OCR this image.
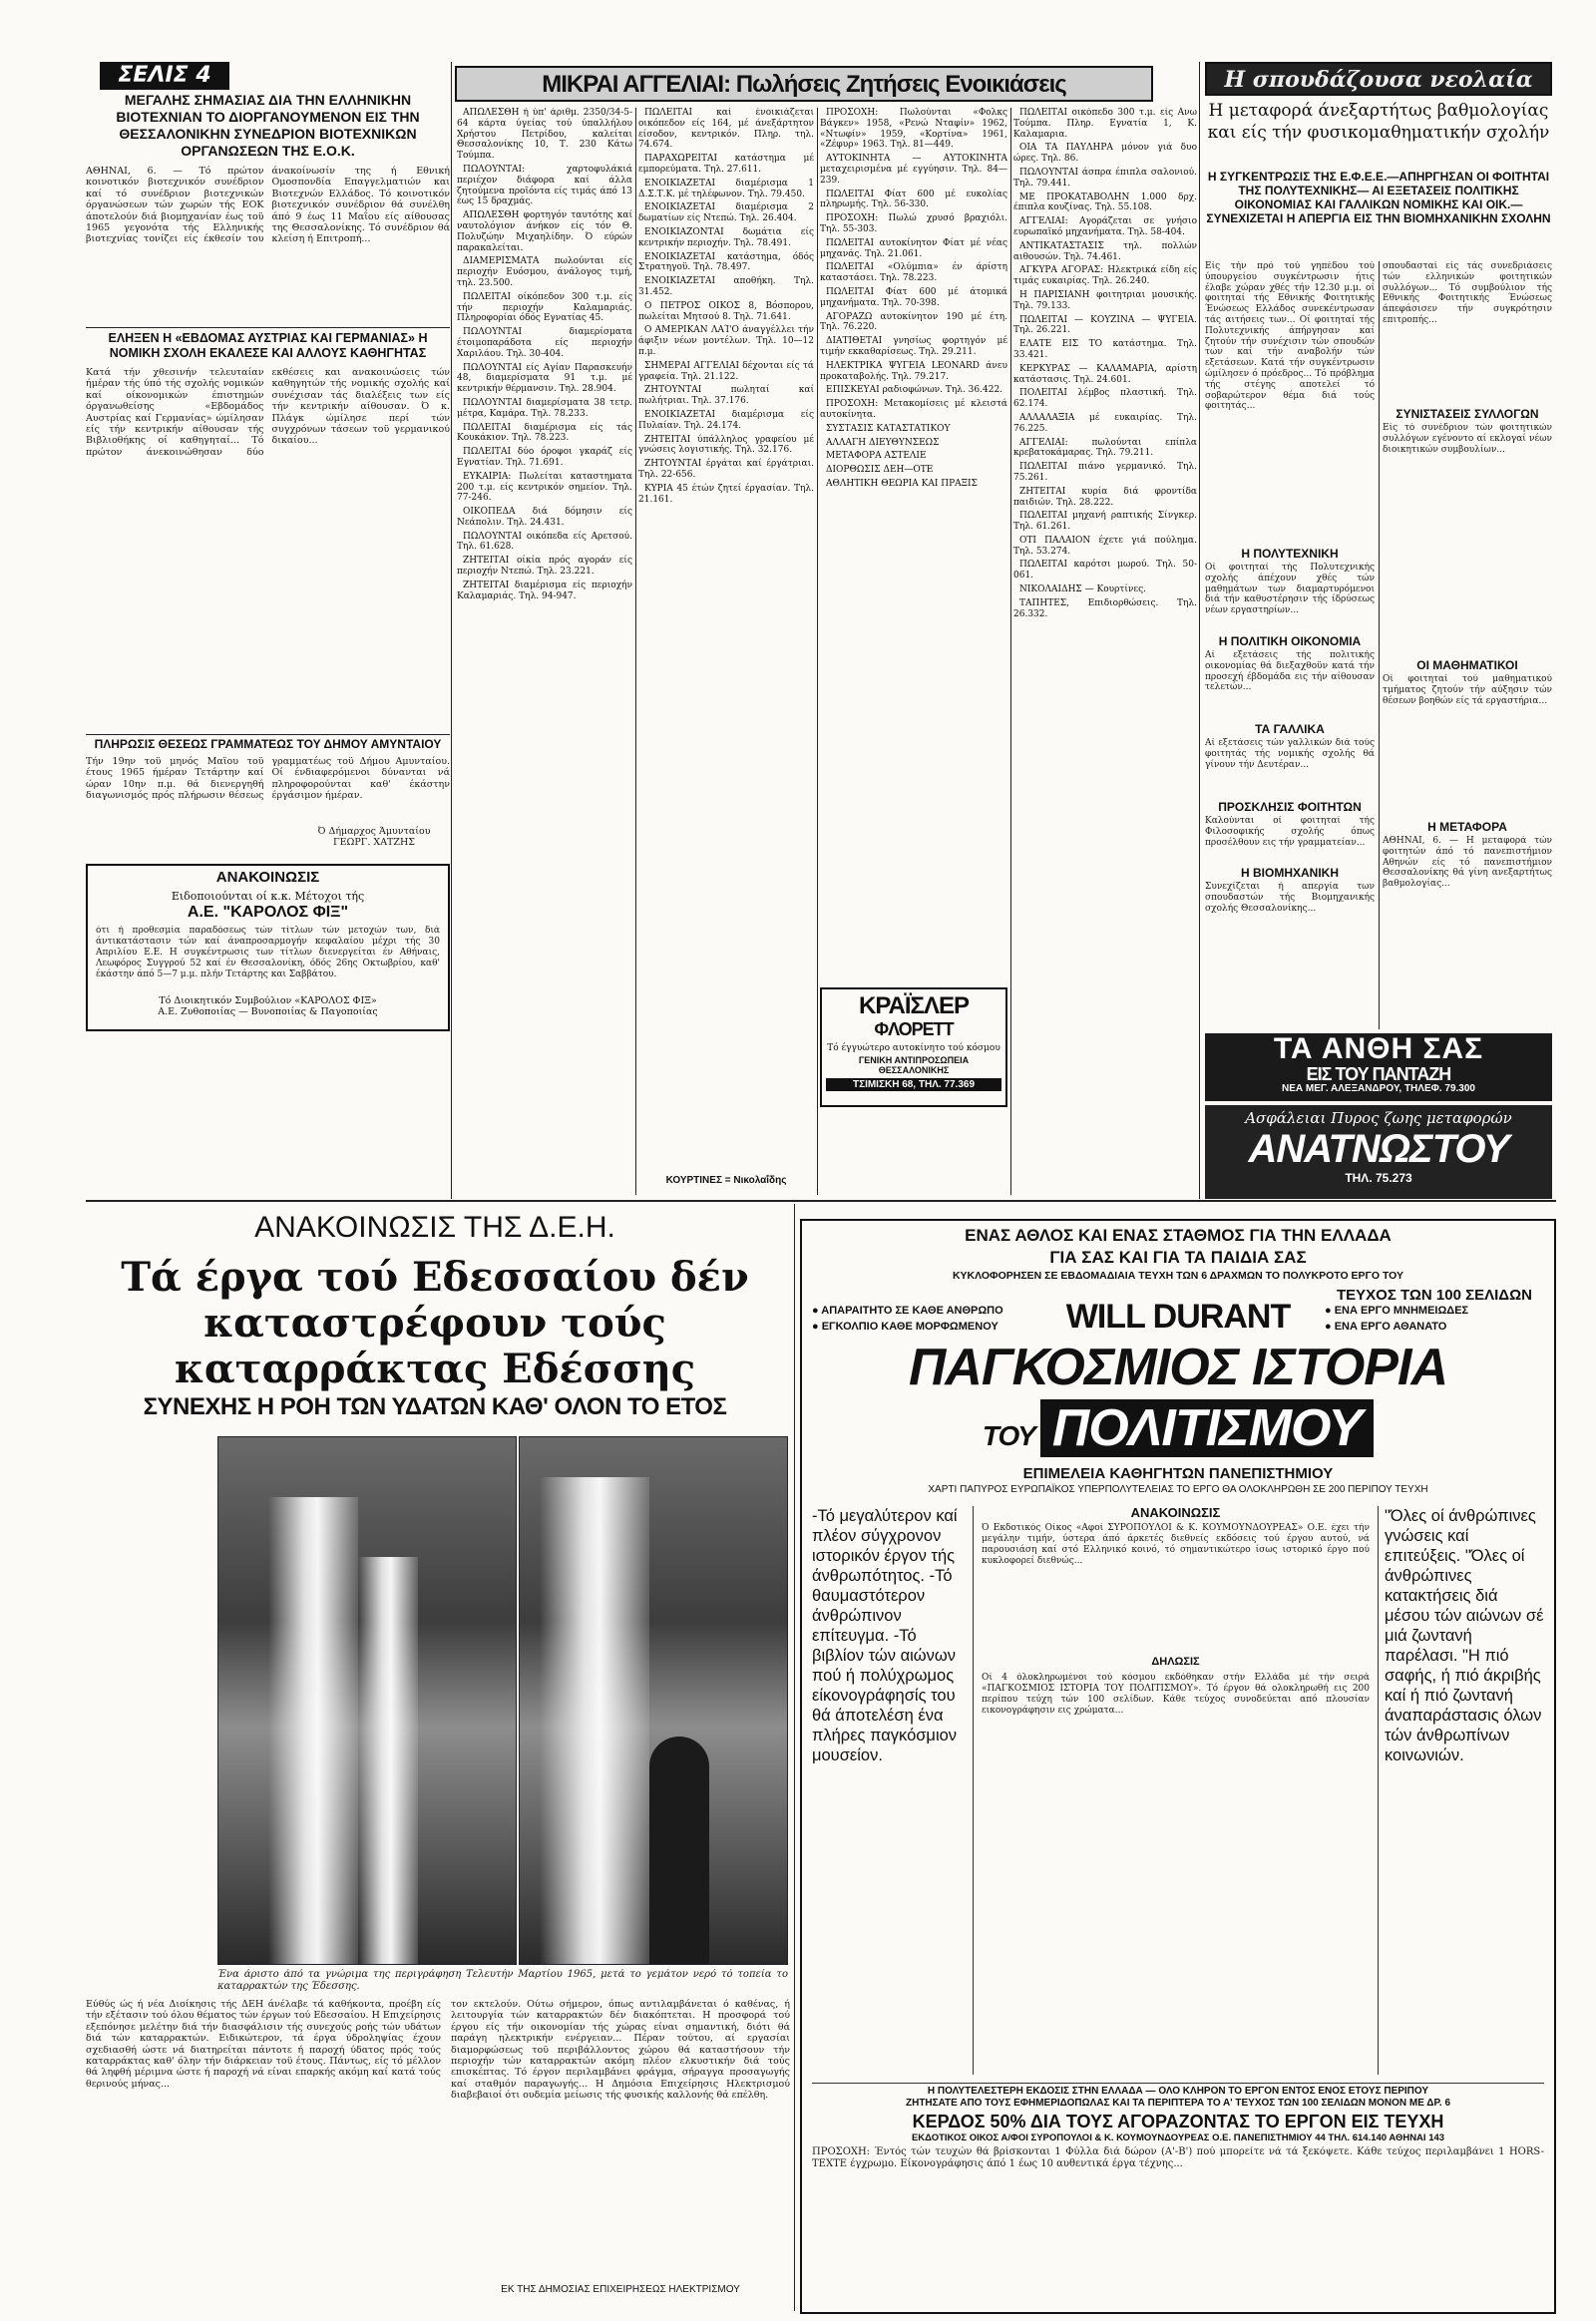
ΣΕΛΙΣ 4
ΜΕΓΑΛΗΣ ΣΗΜΑΣΙΑΣ ΔΙΑ ΤΗΝ ΕΛΛΗΝΙΚΗΝ ΒΙΟΤΕΧΝΙΑΝ ΤΟ ΔΙΟΡΓΑΝΟΥΜΕΝΟΝ ΕΙΣ ΤΗΝ ΘΕΣΣΑΛΟΝΙΚΗΝ ΣΥΝΕΔΡΙΟΝ ΒΙΟΤΕΧΝΙΚΩΝ ΟΡΓΑΝΩΣΕΩΝ ΤΗΣ Ε.Ο.Κ.
ΜΙΚΡΑΙ ΑΓΓΕΛΙΑΙ: Πωλήσεις Ζητήσεις Ενοικιάσεις	Η σπουδάζουσα νεολαία
ΑΘΗΝΑΙ, 6. — Τό πρώτον κοινοτικόν βιοτεχνικόν συνέδριον καί τό συνέδριον βιοτεχνικών όργανώσεων τών χωρών τής ΕΟΚ άποτελούν διά βιομηχανίαν έως τοϋ 1965 γεγονότα τής Ελληνικής βιοτεχνίας τονίζει είς έκθεσίν του άνακοίνωσίν της ή Εθνική Ομοσπονδία Επαγγελματιών και Βιοτεχνών Ελλάδος. Τό κοινοτικόν βιοτεχνικόν συνέδριον θά συνέλθη άπό 9 έως 11 Μαΐου είς αίθουσας της Θεσσαλονίκης. Τό συνέδριον θά κλείση ή Επιτροπή...
ΕΛΗΞΕΝ Η «ΕΒΔΟΜΑΣ ΑΥΣΤΡΙΑΣ ΚΑΙ ΓΕΡΜΑΝΙΑΣ» Η ΝΟΜΙΚΗ ΣΧΟΛΗ ΕΚΑΛΕΣΕ ΚΑΙ ΑΛΛΟΥΣ ΚΑΘΗΓΗΤΑΣ
Κατά τήν χθεσινήν τελευταίαν ήμέραν τής ύπό τής σχολής νομικών καί οίκονομικών έπιστημών όργανωθείσης «Εβδομάδος Αυστρίας καί Γερμανίας» ώμίλησαν είς τήν κεντρικήν αίθουσαν τής Βιβλιοθήκης οί καθηγηταί... Τό πρώτον άνεκοινώθησαν δύο εκθέσεις και ανακοινώσεις τών καθηγητών τής νομικής σχολής καί συνέχισαν τάς διαλέξεις των είς τήν κεντρικήν αίθουσαν. Ό κ. Πλάγκ ώμίλησε περί τών συγχρόνων τάσεων τοϋ γερμανικού δικαίου...
ΠΛΗΡΩΣΙΣ ΘΕΣΕΩΣ ΓΡΑΜΜΑΤΕΩΣ ΤΟΥ ΔΗΜΟΥ ΑΜΥΝΤΑΙΟΥ
Τήν 19ην τοϋ μηνός Μαΐου τοϋ έτους 1965 ήμέραν Τετάρτην καί ώραν 10ην π.μ. θά διενεργηθή διαγωνισμός πρός πλήρωσιν θέσεως γραμματέως τοϋ Δήμου Αμυνταίου. Οί ένδιαφερόμενοι δύνανται νά πληροφορούνται καθ' έκάστην έργάσιμον ήμέραν.
Ό Δήμαρχος Άμυνταίου ΓΕΩΡΓ. ΧΑΤΖΗΣ
ΑΝΑΚΟΙΝΩΣΙΣ
Ειδοποιούνται οί κ.κ. Μέτοχοι τής
Α.Ε. "ΚΑΡΟΛΟΣ ΦΙΞ"
ότι ή προθεσμία παραδόσεως τών τίτλων τών μετοχών των, διά άντικατάστασιν τών καί άναπροσαρμογήν κεφαλαίου μέχρι τής 30 Απριλίου Ε.Ε. Η συγκέντρωσις των τίτλων διενεργείται έν Αθήναις, Λεωφόρος Συγγρού 52 καί έν Θεσσαλονίκη, όδός 26ης Οκτωβρίου, καθ' έκάστην άπό 5—7 μ.μ. πλήν Τετάρτης και Σαββάτου.
Τό Διοικητικόν Συμβούλιον «ΚΑΡΟΛΟΣ ΦΙΞ»
Α.Ε. Ζυθοποιίας — Βυνοποιίας & Παγοποιίας

ΑΠΩΛΕΣΘΗ ή ύπ' άριθμ. 2350/34-5-64 κάρτα ύγείας τού ύπαλλήλου Χρήστου Πετρίδου, καλείται Θεσσαλονίκης 10, Τ. 230 Κάτω Τούμπα.

ΠΩΛΟΥΝΤΑΙ: χαρτοφυλάκιά περιέχον διάφορα καί άλλα ζητούμενα προϊόντα είς τιμάς άπό 13 έως 15 δραχμάς.

ΑΠΩΛΕΣΘΗ φορτηγόν ταυτότης καί ναυτολόγιον άνήκον είς τόν Θ. Πολυζώην Μιχαηλίδην. Ό εύρών παρακαλείται.

ΔΙΑΜΕΡΙΣΜΑΤΑ πωλούνται είς περιοχήν Ευόσμου, άνάλογος τιμή, τηλ. 23.500.

ΠΩΛΕΙΤΑΙ οίκόπεδον 300 τ.μ. είς τήν περιοχήν Καλαμαριάς. Πληροφορίαι όδός Εγνατίας 45.

ΠΩΛΟΥΝΤΑΙ διαμερίσματα έτοιμοπαράδοτα είς περιοχήν Χαριλάου. Τηλ. 30-404.

ΠΩΛΟΥΝΤΑΙ είς Αγίαν Παρασκευήν 48, διαμερίσματα 91 τ.μ. μέ κεντρικήν θέρμανσιν. Τηλ. 28.904.

ΠΩΛΟΥΝΤΑΙ διαμερίσματα 38 τετρ. μέτρα, Καμάρα. Τηλ. 78.233.

ΠΩΛΕΙΤΑΙ διαμέρισμα είς τάς Κουκάκιον. Τηλ. 78.223.

ΠΩΛΕΙΤΑΙ δύο όροφοι γκαράζ είς Εγνατίαν. Τηλ. 71.691.

ΕΥΚΑΙΡΙΑ: Πωλείται καταστηματα 200 τ.μ. είς κεντρικόν σημείον. Τηλ. 77-246.

ΟΙΚΟΠΕΔΑ διά δόμησιν είς Νεάπολιν. Τηλ. 24.431.

ΠΩΛΟΥΝΤΑΙ οικόπεδα είς Αρετσού. Τηλ. 61.628.

ΖΗΤΕΙΤΑΙ οίκία πρός αγοράν είς περιοχήν Ντεπώ. Τηλ. 23.221.

ΖΗΤΕΙΤΑΙ διαμέρισμα είς περιοχήν Καλαμαριάς. Τηλ. 94-947.

ΠΩΛΕΙΤΑΙ καί ένοικιάζεται οικόπεδον είς 164, μέ άνεξάρτητον είσοδον, κεντρικόν. Πληρ. τηλ. 74.674.

ΠΑΡΑΧΩΡΕΙΤΑΙ κατάστημα μέ εμπορεύματα. Τηλ. 27.611.

ΕΝΟΙΚΙΑΖΕΤΑΙ διαμέρισμα 1 Δ.Σ.Τ.Κ. μέ τηλέφωνον. Τηλ. 79.450.

ΕΝΟΙΚΙΑΖΕΤΑΙ διαμέρισμα 2 δωματίων είς Ντεπώ. Τηλ. 26.404.

ΕΝΟΙΚΙΑΖΟΝΤΑΙ δωμάτια είς κεντρικήν περιοχήν. Τηλ. 78.491.

ΕΝΟΙΚΙΑΖΕΤΑΙ κατάστημα, όδός Στρατηγοϋ. Τηλ. 78.497.

ΕΝΟΙΚΙΑΖΕΤΑΙ αποθήκη. Τηλ. 31.452.

Ο ΠΕΤΡΟΣ ΟΙΚΟΣ 8, Βόσπορου, πωλείται Μητσού 8. Τηλ. 71.641.

Ο ΑΜΕΡΙΚΑΝ ΛΑΊ'Ο άναγγέλλει τήν άφιξιν νέων μοντέλων. Τηλ. 10—12 π.μ.

ΣΗΜΕΡΑΙ ΑΓΓΕΛΙΑΙ δέχονται είς τά γραφεία. Τηλ. 21.122.

ΖΗΤΟΥΝΤΑΙ πωληταί καί πωλήτριαι. Τηλ. 37.176.

ΕΝΟΙΚΙΑΖΕΤΑΙ διαμέρισμα είς Πυλαίαν. Τηλ. 24.174.

ΖΗΤΕΙΤΑΙ ύπάλληλος γραφείου μέ γνώσεις λογιστικής. Τηλ. 32.176.

ΖΗΤΟΥΝΤΑΙ έργάται καί έργάτριαι. Τηλ. 22-656.

ΚΥΡΙΑ 45 έτών ζητεί έργασίαν. Τηλ. 21.161.

ΠΡΟΣΟΧΗ: Πωλούνται «Φολκς Βάγκεν» 1958, «Ρενώ Νταφίν» 1962, «Ντωφίν» 1959, «Κορτίνα» 1961, «Ζέφυρ» 1963. Τηλ. 81—449.

ΑΥΤΟΚΙΝΗΤΑ — ΑΥΤΟΚΙΝΗΤΑ μεταχειρισμένα μέ εγγύησιν. Τηλ. 84—239.

ΠΩΛΕΙΤΑΙ Φίατ 600 μέ ευκολίας πληρωμής. Τηλ. 56-330.

ΠΡΟΣΟΧΗ: Πωλώ χρυσό βραχιόλι. Τηλ. 55-303.

ΠΩΛΕΙΤΑΙ αυτοκίνητον Φίατ μέ νέας μηχανάς. Τηλ. 21.061.

ΠΩΛΕΙΤΑΙ «Ολύμπια» έν άρίστη καταστάσει. Τηλ. 78.223.

ΠΩΛΕΙΤΑΙ Φίατ 600 μέ άτομικά μηχανήματα. Τηλ. 70-398.

ΑΓΟΡΑΖΩ αυτοκίνητον 190 μέ έτη. Τηλ. 76.220.

ΔΙΑΤΙΘΕΤΑΙ γνησίως φορτηγόν μέ τιμήν εκκαθαρίσεως. Τηλ. 29.211.

ΗΛΕΚΤΡΙΚΑ ΨΥΓΕΙΑ LEONARD άνευ προκαταβολής. Τηλ. 79.217.

ΕΠΙΣΚΕΥΑΙ ραδιοφώνων. Τηλ. 36.422.

ΠΡΟΣΟΧΗ: Μετακομίσεις μέ κλειστά αυτοκίνητα.

ΣΥΣΤΑΣΙΣ ΚΑΤΑΣΤΑΤΙΚΟΥ

ΑΛΛΑΓΗ ΔΙΕΥΘΥΝΣΕΩΣ

ΜΕΤΑΦΟΡΑ ΑΣΤΕΛΙΕ

ΔΙΟΡΘΩΣΙΣ ΔΕΗ—ΟΤΕ

ΑΘΛΗΤΙΚΗ ΘΕΩΡΙΑ ΚΑΙ ΠΡΑΞΙΣ

ΠΩΛΕΙΤΑΙ οικόπεδο 300 τ.μ. είς Ανω Τούμπα. Πληρ. Εγνατία 1, Κ. Καλαμαρια.

ΟΙΑ ΤΑ ΠΑΥΛΗΡΑ μόνον γιά δυο ώρες. Τηλ. 86.

ΠΩΛΟΥΝΤΑΙ άσπρα έπιπλα σαλονιού. Τηλ. 79.441.

ΜΕ ΠΡΟΚΑΤΑΒΟΛΗΝ 1.000 δρχ. έπιπλα κουζίνας. Τηλ. 55.108.

ΑΓΓΕΛΙΑΙ: Αγοράζεται σε γνήσιο ευρωπαϊκό μηχανήματα. Τηλ. 58-404.

ΑΝΤΙΚΑΤΑΣΤΑΣΙΣ τηλ. πολλών αιθουσών. Τηλ. 74.461.

ΑΓΚΥΡΑ ΑΓΟΡΑΣ: Ηλεκτρικά είδη είς τιμάς ευκαιρίας. Τηλ. 26.240.

Η ΠΑΡΙΣΙΑΝΗ φοιτητριαι μουσικής. Τηλ. 79.133.

ΠΩΛΕΙΤΑΙ — ΚΟΥΖΙΝΑ — ΨΥΓΕΙΑ. Τηλ. 26.221.

ΕΛΑΤΕ ΕΙΣ ΤΟ κατάστημα. Τηλ. 33.421.

ΚΕΡΚΥΡΑΣ — ΚΑΛΑΜΑΡΙΑ, αρίστη κατάστασις. Τηλ. 24.601.

ΠΟΛΕΙΤΑΙ λέμβος πλαστική. Τηλ. 62.174.

ΑΛΛΑΛΑΞΙΑ μέ ευκαιρίας. Τηλ. 76.225.

ΑΓΓΕΛΙΑΙ: πωλούνται επίπλα κρεβατοκάμαρας. Τηλ. 79.211.

ΠΩΛΕΙΤΑΙ πιάνο γερμανικό. Τηλ. 75.261.

ΖΗΤΕΙΤΑΙ κυρία διά φροντίδα παιδιών. Τηλ. 28.222.

ΠΩΛΕΙΤΑΙ μηχανή ραπτικής Σίνγκερ. Τηλ. 61.261.

ΟΤΙ ΠΑΛΑΙΟΝ έχετε γιά πούλημα. Τηλ. 53.274.

ΠΩΛΕΙΤΑΙ καρότσι μωρού. Τηλ. 50-061.

ΝΙΚΟΛΑΙΔΗΣ — Κουρτίνες.

ΤΑΠΗΤΕΣ, Επιδιορθώσεις. Τηλ. 26.332.

ΚΟΥΡΤΙΝΕΣ = Νικολαΐδης
ΚΡΑΪΣΛΕΡ
ΦΛΟΡΕΤΤ
Τό έγγυώτερο αυτοκίνητο τού κόσμου
ΓΕΝΙΚΗ ΑΝΤΙΠΡΟΣΩΠΕΙΑ ΘΕΣΣΑΛΟΝΙΚΗΣ
ΤΣΙΜΙΣΚΗ 68, ΤΗΛ. 77.369
Η μεταφορά άνεξαρτήτως βαθμολογίας και είς τήν φυσικομαθηματικήν σχολήν
Η ΣΥΓΚΕΝΤΡΩΣΙΣ ΤΗΣ Ε.Φ.Ε.Ε.—ΑΠΗΡΓΗΣΑΝ ΟΙ ΦΟΙΤΗΤΑΙ ΤΗΣ ΠΟΛΥΤΕΧΝΙΚΗΣ— ΑΙ ΕΞΕΤΑΣΕΙΣ ΠΟΛΙΤΙΚΗΣ ΟΙΚΟΝΟΜΙΑΣ ΚΑΙ ΓΑΛΛΙΚΩΝ ΝΟΜΙΚΗΣ ΚΑΙ ΟΙΚ.—ΣΥΝΕΧΙΖΕΤΑΙ Η ΑΠΕΡΓΙΑ ΕΙΣ ΤΗΝ ΒΙΟΜΗΧΑΝΙΚΗΝ ΣΧΟΛΗΝ
Είς τήν πρό τού γηπέδου τού ύπουργείου συγκέντρωσιν ήτις έλαβε χώραν χθές τήν 12.30 μ.μ. οί φοιτηταί τής Εθνικής Φοιτητικής Ένώσεως Ελλάδος συνεκέντρωσαν τάς αιτήσεις των... Οί φοιτηταί τής Πολυτεχνικής άπήργησαν καί ζητούν τήν συνέχισιν τών σπουδών των καί τήν αναβολήν τών εξετάσεων. Κατά τήν συγκέντρωσιν ώμίλησεν ό πρόεδρος... Τό πρόβλημα τής στέγης αποτελεί τό σοβαρώτερον θέμα διά τούς φοιτητάς...
Η ΠΟΛΥΤΕΧΝΙΚΗ
Οί φοιτηταί τής Πολυτεχνικής σχολής άπέχουν χθές τών μαθημάτων των διαμαρτυρόμενοι διά τήν καθυστέρησιν τής ίδρύσεως νέων εργαστηρίων...
Η ΠΟΛΙΤΙΚΗ ΟΙΚΟΝΟΜΙΑ
Αί εξετάσεις τής πολιτικής οικονομίας θά διεξαχθοϋν κατά τήν προσεχή έβδομάδα εις τήν αίθουσαν τελετών...
ΤΑ ΓΑΛΛΙΚΑ
Αί εξετάσεις τών γαλλικών διά τούς φοιτητάς τής νομικής σχολής θά γίνουν τήν Δευτέραν...
ΠΡΟΣΚΛΗΣΙΣ ΦΟΙΤΗΤΩΝ
Καλούνται οί φοιτηταί τής Φιλοσοφικής σχολής όπως προσέλθουν εις τήν γραμματείαν...
Η ΒΙΟΜΗΧΑΝΙΚΗ
Συνεχίζεται ή απεργία των σπουδαστών τής Βιομηχανικής σχολής Θεσσαλονίκης...
σπουδασταί είς τάς συνεδριάσεις τών ελληνικών φοιτητικών συλλόγων... Τό συμβούλιον τής Εθνικής Φοιτητικής Ένώσεως άπεφάσισεν τήν συγκρότησιν επιτροπής...
ΣΥΝΙΣΤΑΣΕΙΣ ΣΥΛΛΟΓΩΝ
Είς τό συνέδριον τών φοιτητικών συλλόγων εγένοντο αί εκλογαί νέων διοικητικών συμβουλίων...
ΟΙ ΜΑΘΗΜΑΤΙΚΟΙ
Οί φοιτηταί τού μαθηματικού τμήματος ζητούν τήν αύξησιν τών θέσεων βοηθών είς τά εργαστήρια...
Η ΜΕΤΑΦΟΡΑ
ΑΘΗΝΑΙ, 6. — Η μεταφορά τών φοιτητών άπό τό πανεπιστήμιον Αθηνών είς τό πανεπιστήμιον Θεσσαλονίκης θά γίνη ανεξαρτήτως βαθμολογίας...
ΤΑ ΑΝΘΗ ΣΑΣ
ΕΙΣ ΤΟΥ ΠΑΝΤΑΖΗ
ΝΕΑ ΜΕΓ. ΑΛΕΞΑΝΔΡΟΥ, ΤΗΛΕΦ. 79.300
Ασφάλειαι Πυρος ζωης μεταφορών
ΑΝΑΤΝΩΣΤΟΥ
ΤΗΛ. 75.273
ΑΝΑΚΟΙΝΩΣΙΣ ΤΗΣ Δ.Ε.Η.
Τά έργα τού Εδεσσαίου δέν καταστρέφουν τούς καταρράκτας Εδέσσης
ΣΥΝΕΧΗΣ Η ΡΟΗ ΤΩΝ ΥΔΑΤΩΝ ΚΑΘ' ΟΛΟΝ ΤΟ ΕΤΟΣ
Ένα άριστο άπό τα γνώριμα της περιγράφηση Τελευτήν Μαρτίου 1965, μετά το γεμάτον νερό τό τοπεία το καταρρακτών της Έδεσσης.
Εύθύς ώς ή νέα Διοίκησις τής ΔΕΗ άνέλαβε τά καθήκοντα, προέβη είς τήν εξέτασιν τού όλου θέματος τών έργων τού Εδεσσαίου. Η Επιχείρησις εξεπόνησε μελέτην διά τήν διασφάλισιν τής συνεχούς ροής τών υδάτων διά τών καταρρακτών. Ειδικώτερον, τά έργα ύδροληψίας έχουν σχεδιασθή ώστε νά διατηρείται πάντοτε ή παροχή ύδατος πρός τούς καταρράκτας καθ' όλην τήν διάρκειαν τοϋ έτους. Πάντως, είς τό μέλλον θά ληφθή μέριμνα ώστε ή παροχή νά είναι επαρκής ακόμη καί κατά τούς θερινούς μήνας...
τον εκτελούν. Ούτω σήμερον, όπως αντιλαμβάνεται ό καθένας, ή λειτουργία τών καταρρακτών δέν διακόπτεται. Η προσφορά τού έργου είς τήν οικονομίαν τής χώρας είναι σημαντική, διότι θά παράγη ηλεκτρικήν ενέργειαν... Πέραν τούτου, αί εργασίαι διαμορφώσεως τοϋ περιβάλλοντος χώρου θά καταστήσουν τήν περιοχήν τών καταρρακτών ακόμη πλέον ελκυστικήν διά τούς επισκέπτας. Τό έργον περιλαμβάνει φράγμα, σήραγγα προσαγωγής καί σταθμόν παραγωγής... Η Δημόσια Επιχείρησις Ηλεκτρισμού διαβεβαιοί ότι ουδεμία μείωσις τής φυσικής καλλονής θά επέλθη.
ΕΚ ΤΗΣ ΔΗΜΟΣΙΑΣ ΕΠΙΧΕΙΡΗΣΕΩΣ ΗΛΕΚΤΡΙΣΜΟΥ
ΕΝΑΣ ΑΘΛΟΣ ΚΑΙ ΕΝΑΣ ΣΤΑΘΜΟΣ ΓΙΑ ΤΗΝ ΕΛΛΑΔΑ
ΓΙΑ ΣΑΣ ΚΑΙ ΓΙΑ ΤΑ ΠΑΙΔΙΑ ΣΑΣ
ΚΥΚΛΟΦΟΡΗΣΕΝ ΣΕ ΕΒΔΟΜΑΔΙΑΙΑ ΤΕΥΧΗ ΤΩΝ 6 ΔΡΑΧΜΩΝ ΤΟ ΠΟΛΥΚΡΟΤΟ ΕΡΓΟ ΤΟΥ
● ΑΠΑΡΑΙΤΗΤΟ ΣΕ ΚΑΘΕ ΑΝΘΡΩΠΟ
● ΕΓΚΟΛΠΙΟ ΚΑΘΕ ΜΟΡΦΩΜΕΝΟΥ	WILL DURANT
ΤΕΥΧΟΣ ΤΩΝ 100 ΣΕΛΙΔΩΝ
● ΕΝΑ ΕΡΓΟ ΜΝΗΜΕΙΩΔΕΣ
● ΕΝΑ ΕΡΓΟ ΑΘΑΝΑΤΟ
ΠΑΓΚΟΣΜΙΟΣ ΙΣΤΟΡΙΑ
ΤΟΥ ΠΟΛΙΤΙΣΜΟΥ
ΕΠΙΜΕΛΕΙΑ ΚΑΘΗΓΗΤΩΝ ΠΑΝΕΠΙΣΤΗΜΙΟΥ
ΧΑΡΤΙ ΠΑΠΥΡΟΣ ΕΥΡΩΠΑΪΚΟΣ ΥΠΕΡΠΟΛΥΤΕΛΕΙΑΣ ΤΟ ΕΡΓΟ ΘΑ ΟΛΟΚΛΗΡΩΘΗ ΣΕ 200 ΠΕΡΙΠΟΥ ΤΕΥΧΗ
-Τό μεγαλύτερον καί πλέον σύγχρονον ιστορικόν έργον τής άνθρωπότητος. -Τό θαυμαστότερον άνθρώπινον επίτευγμα. -Τό βιβλίον τών αιώνων πού ή πολύχρωμος είκονογράφησίς του θά άποτελέση ένα πλήρες παγκόσμιον μουσείον.
ΑΝΑΚΟΙΝΩΣΙΣ
Ό Εκδοτικός Οίκος «Αφοί ΣΥΡΟΠΟΥΛΟΙ & Κ. ΚΟΥΜΟΥΝΔΟΥΡΕΑΣ» Ο.Ε. έχει τήν μεγάλην τιμήν, ύστερα άπό άρκετές διεθνείς εκδόσεις τού έργου αυτού, νά παρουσιάση καί στό Ελληνικό κοινό, τό σημαντικώτερο ίσως ιστορικό έργο πού κυκλοφορεί διεθνώς...
ΔΗΛΩΣΙΣ
Οί 4 όλοκληρωμένοι τού κόσμου εκδόθηκαν στήν Ελλάδα μέ τήν σειρά «ΠΑΓΚΟΣΜΙΟΣ ΙΣΤΟΡΙΑ ΤΟΥ ΠΟΛΙΤΙΣΜΟΥ». Τό έργον θά ολοκληρωθή εις 200 περίπου τεύχη τών 100 σελίδων. Κάθε τεύχος συνοδεύεται από πλουσίαν εικονογράφησιν εις χρώματα...
"Όλες οί άνθρώπινες γνώσεις καί επιτεύξεις. "Όλες οί άνθρώπινες κατακτήσεις διά μέσου τών αιώνων σέ μιά ζωντανή παρέλασι. "Η πιό σαφής, ή πιό άκριβής καί ή πιό ζωντανή άναπαράστασις όλων τών άνθρωπίνων κοινωνιών.
Η ΠΟΛΥΤΕΛΕΣΤΕΡΗ ΕΚΔΟΣΙΣ ΣΤΗΝ ΕΛΛΑΔΑ — ΟΛΟ ΚΛΗΡΟΝ ΤΟ ΕΡΓΟΝ ΕΝΤΟΣ ΕΝΟΣ ΕΤΟΥΣ ΠΕΡΙΠΟΥ
ΖΗΤΗΣΑΤΕ ΑΠΟ ΤΟΥΣ ΕΦΗΜΕΡΙΔΟΠΩΛΑΣ ΚΑΙ ΤΑ ΠΕΡΙΠΤΕΡΑ ΤΟ Α' ΤΕΥΧΟΣ ΤΩΝ 100 ΣΕΛΙΔΩΝ ΜΟΝΟΝ ΜΕ ΔΡ. 6
ΚΕΡΔΟΣ 50% ΔΙΑ ΤΟΥΣ ΑΓΟΡΑΖΟΝΤΑΣ ΤΟ ΕΡΓΟΝ ΕΙΣ ΤΕΥΧΗ
ΕΚΔΟΤΙΚΟΣ ΟΙΚΟΣ Α/ΦΟΙ ΣΥΡΟΠΟΥΛΟΙ & Κ. ΚΟΥΜΟΥΝΔΟΥΡΕΑΣ Ο.Ε. ΠΑΝΕΠΙΣΤΗΜΙΟΥ 44 ΤΗΛ. 614.140 ΑΘΗΝΑΙ 143
ΠΡΟΣΟΧΗ: Έντός τών τευχών θά βρίσκονται 1 Φύλλα διά δώρον (Α'-Β') πού μπορείτε νά τά ξεκόψετε. Κάθε τεύχος περιλαμβάνει 1 HORS-TEXTE έγχρωμο. Είκονογράφησις άπό 1 έως 10 αυθεντικά έργα τέχνης...
